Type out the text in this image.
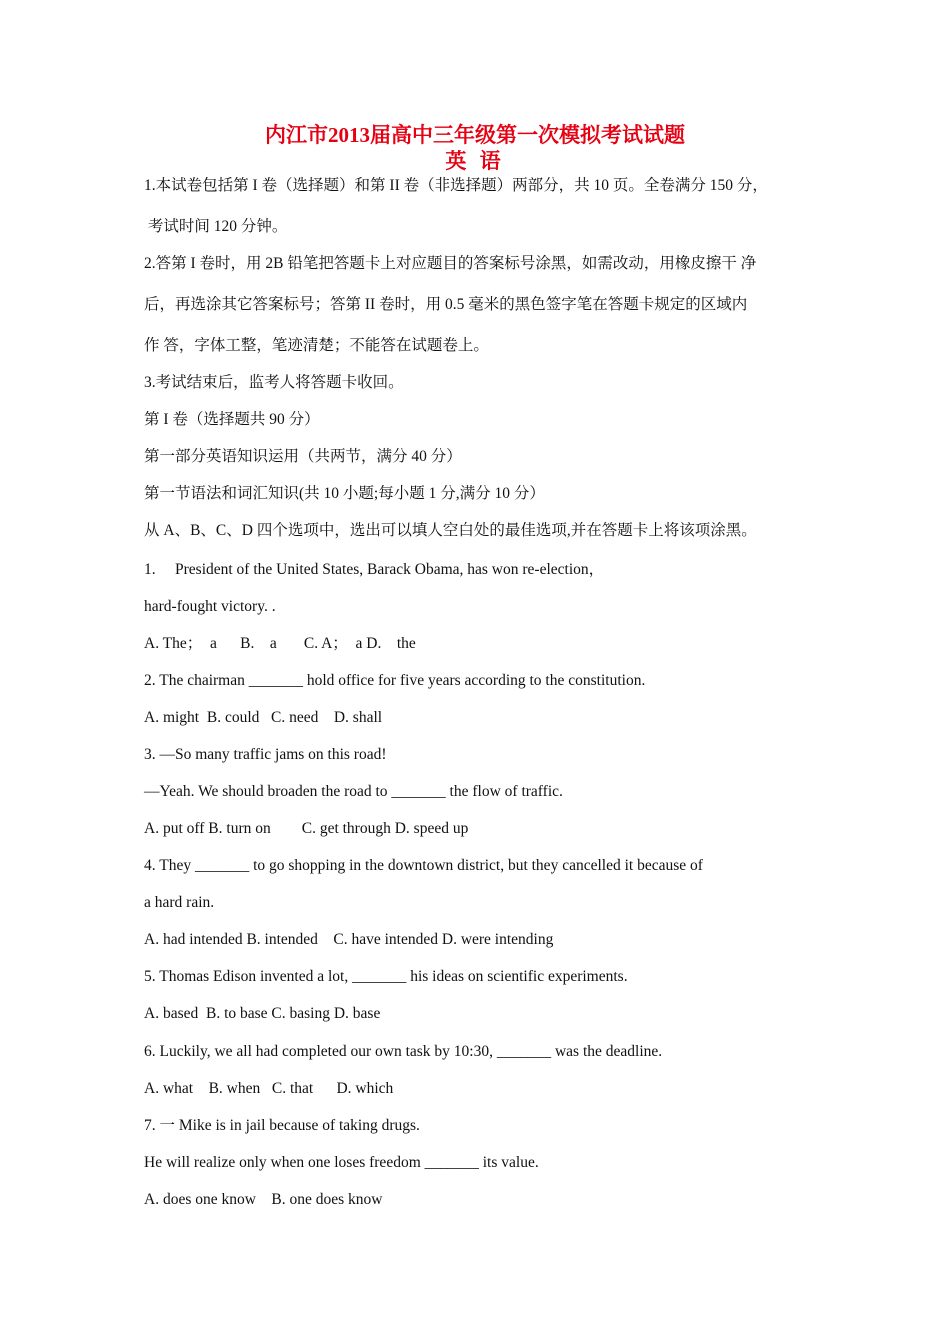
内江市2013届高中三年级第一次模拟考试试题
英 语
1.本试卷包括第 I 卷（选择题）和第 II 卷（非选择题）两部分，共 10 页。全卷满分 150 分，
考试时间 120 分钟。
2.答第 I 卷时，用 2B 铅笔把答题卡上对应题目的答案标号涂黑，如需改动，用橡皮擦干 净
后，再选涂其它答案标号；答第 II 卷时，用 0.5 毫米的黑色签字笔在答题卡规定的区域内
作 答，字体工整，笔迹清楚；不能答在试题卷上。
3.考试结束后，监考人将答题卡收回。
第 I 卷（选择题共 90 分）
第一部分英语知识运用（共两节，满分 40 分）
第一节语法和词汇知识(共 10 小题;每小题 1 分,满分 10 分）
从 A、B、C、D 四个选项中，选出可以填人空白处的最佳选项,并在答题卡上将该项涂黑。
1.     President of the United States, Barack Obama, has won re-election，
hard-fought victory. .
A. The；  a      B.    a       C. A；  a D.    the
2. The chairman _______ hold office for five years according to the constitution.
A. might  B. could   C. need    D. shall
3. —So many traffic jams on this road!
—Yeah. We should broaden the road to _______ the flow of traffic.
A. put off B. turn on        C. get through D. speed up
4. They _______ to go shopping in the downtown district, but they cancelled it because of
a hard rain.
A. had intended B. intended    C. have intended D. were intending
5. Thomas Edison invented a lot, _______ his ideas on scientific experiments.
A. based  B. to base C. basing D. base
6. Luckily, we all had completed our own task by 10:30, _______ was the deadline.
A. what    B. when   C. that      D. which
7. 一 Mike is in jail because of taking drugs.
He will realize only when one loses freedom _______ its value.
A. does one know    B. one does know
